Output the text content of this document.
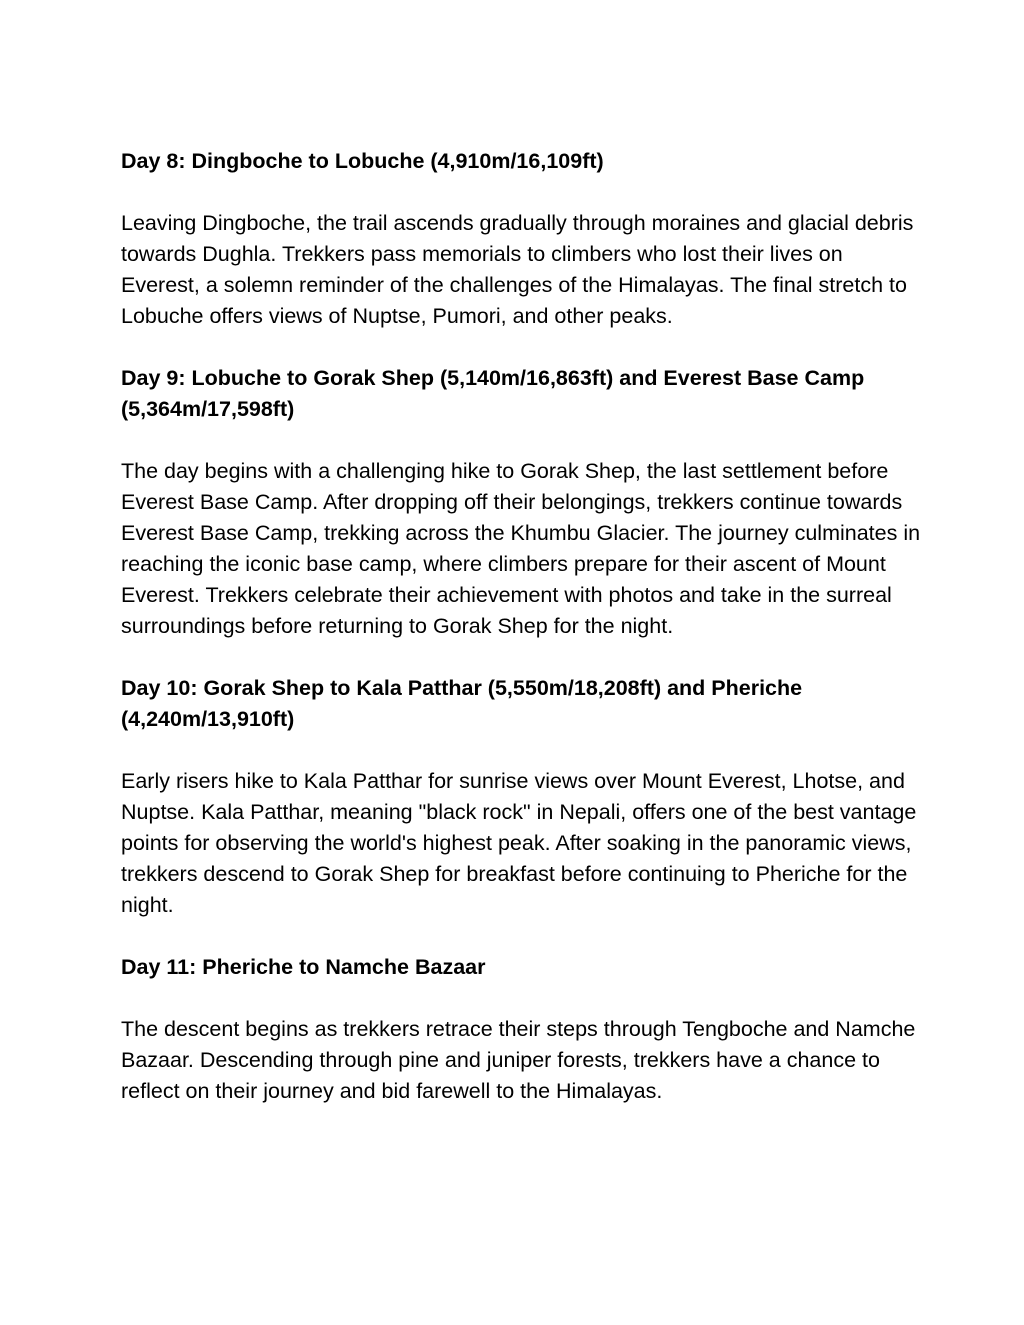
Day 8: Dingboche to Lobuche (4,910m/16,109ft)

Leaving Dingboche, the trail ascends gradually through moraines and glacial debris towards Dughla. Trekkers pass memorials to climbers who lost their lives on Everest, a solemn reminder of the challenges of the Himalayas. The final stretch to Lobuche offers views of Nuptse, Pumori, and other peaks.

Day 9: Lobuche to Gorak Shep (5,140m/16,863ft) and Everest Base Camp (5,364m/17,598ft)

The day begins with a challenging hike to Gorak Shep, the last settlement before Everest Base Camp. After dropping off their belongings, trekkers continue towards Everest Base Camp, trekking across the Khumbu Glacier. The journey culminates in reaching the iconic base camp, where climbers prepare for their ascent of Mount Everest. Trekkers celebrate their achievement with photos and take in the surreal surroundings before returning to Gorak Shep for the night.

Day 10: Gorak Shep to Kala Patthar (5,550m/18,208ft) and Pheriche (4,240m/13,910ft)

Early risers hike to Kala Patthar for sunrise views over Mount Everest, Lhotse, and Nuptse. Kala Patthar, meaning "black rock" in Nepali, offers one of the best vantage points for observing the world's highest peak. After soaking in the panoramic views, trekkers descend to Gorak Shep for breakfast before continuing to Pheriche for the night.

Day 11: Pheriche to Namche Bazaar

The descent begins as trekkers retrace their steps through Tengboche and Namche Bazaar. Descending through pine and juniper forests, trekkers have a chance to reflect on their journey and bid farewell to the Himalayas.
